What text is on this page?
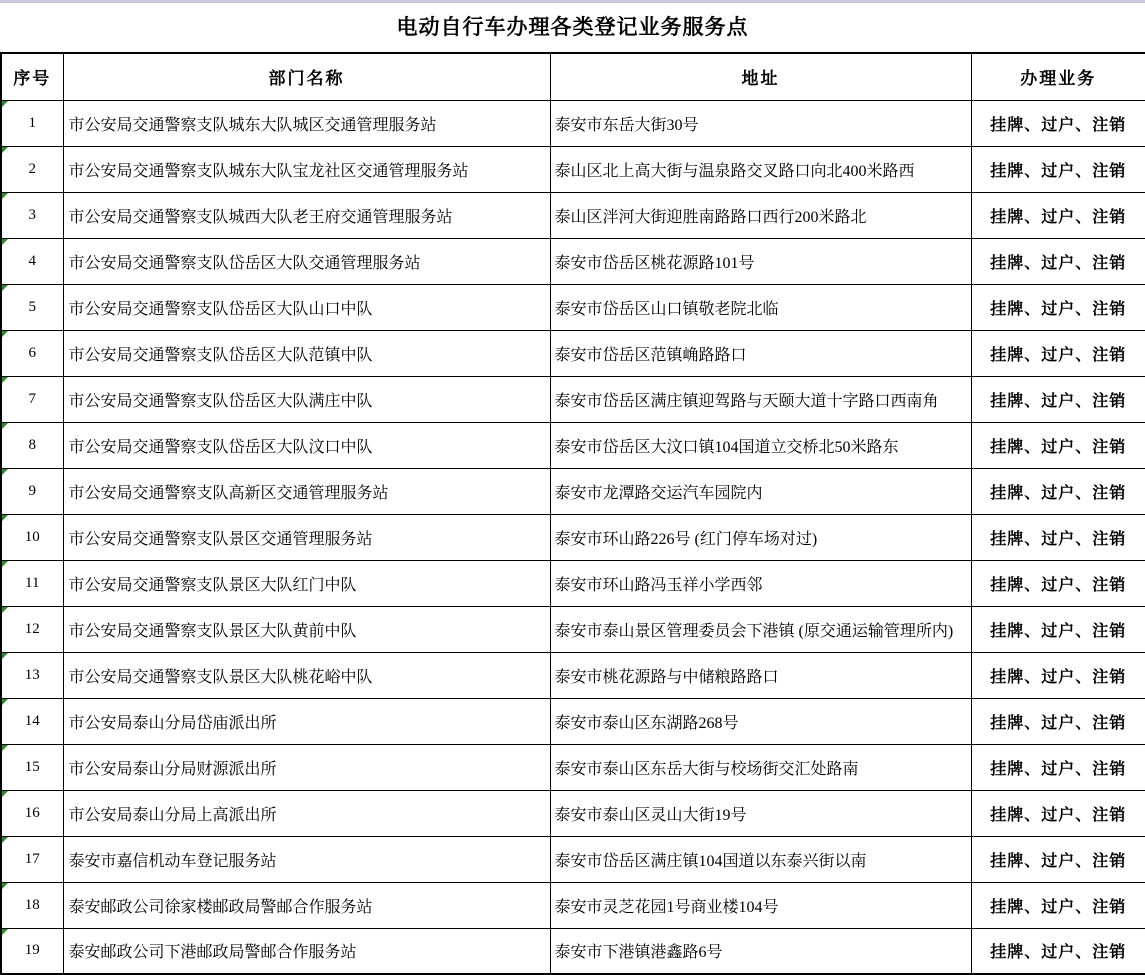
电动自行车办理各类登记业务服务点
序号	部门名称	地址	办理业务

1	市公安局交通警察支队城东大队城区交通管理服务站	泰安市东岳大街30号	挂牌、过户、注销

2	市公安局交通警察支队城东大队宝龙社区交通管理服务站	泰山区北上高大街与温泉路交叉路口向北400米路西	挂牌、过户、注销

3	市公安局交通警察支队城西大队老王府交通管理服务站	泰山区泮河大街迎胜南路路口西行200米路北	挂牌、过户、注销

4	市公安局交通警察支队岱岳区大队交通管理服务站	泰安市岱岳区桃花源路101号	挂牌、过户、注销

5	市公安局交通警察支队岱岳区大队山口中队	泰安市岱岳区山口镇敬老院北临	挂牌、过户、注销

6	市公安局交通警察支队岱岳区大队范镇中队	泰安市岱岳区范镇崅路路口	挂牌、过户、注销

7	市公安局交通警察支队岱岳区大队满庄中队	泰安市岱岳区满庄镇迎驾路与天颐大道十字路口西南角	挂牌、过户、注销

8	市公安局交通警察支队岱岳区大队汶口中队	泰安市岱岳区大汶口镇104国道立交桥北50米路东	挂牌、过户、注销

9	市公安局交通警察支队高新区交通管理服务站	泰安市龙潭路交运汽车园院内	挂牌、过户、注销

10	市公安局交通警察支队景区交通管理服务站	泰安市环山路226号 (红门停车场对过)	挂牌、过户、注销

11	市公安局交通警察支队景区大队红门中队	泰安市环山路冯玉祥小学西邻	挂牌、过户、注销

12	市公安局交通警察支队景区大队黄前中队	泰安市泰山景区管理委员会下港镇 (原交通运输管理所内)	挂牌、过户、注销

13	市公安局交通警察支队景区大队桃花峪中队	泰安市桃花源路与中储粮路路口	挂牌、过户、注销

14	市公安局泰山分局岱庙派出所	泰安市泰山区东湖路268号	挂牌、过户、注销

15	市公安局泰山分局财源派出所	泰安市泰山区东岳大街与校场街交汇处路南	挂牌、过户、注销

16	市公安局泰山分局上高派出所	泰安市泰山区灵山大街19号	挂牌、过户、注销

17	泰安市嘉信机动车登记服务站	泰安市岱岳区满庄镇104国道以东泰兴街以南	挂牌、过户、注销

18	泰安邮政公司徐家楼邮政局警邮合作服务站	泰安市灵芝花园1号商业楼104号	挂牌、过户、注销

19	泰安邮政公司下港邮政局警邮合作服务站	泰安市下港镇港鑫路6号	挂牌、过户、注销
